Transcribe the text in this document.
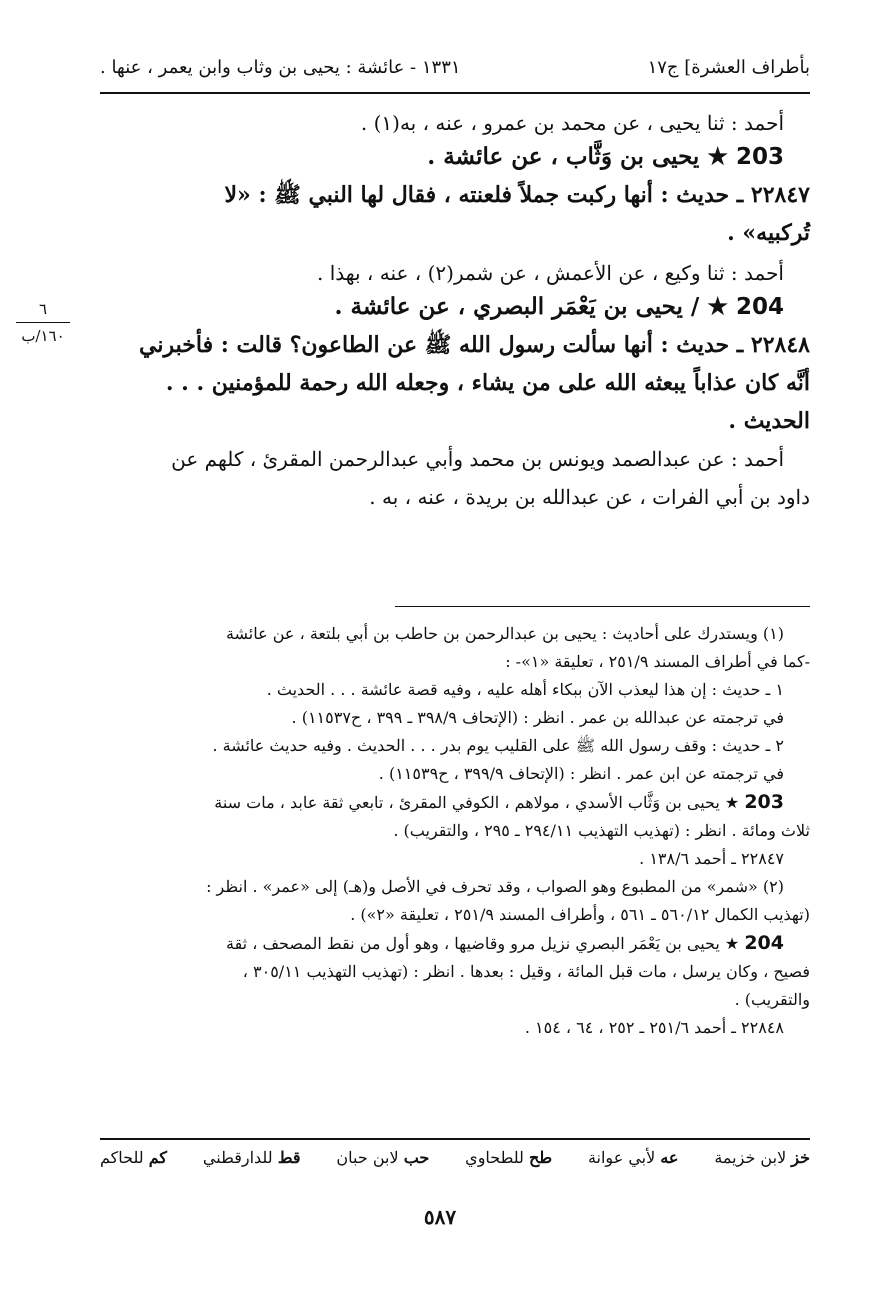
١٣٣١ - عائشة : يحيى بن وثاب وابن يعمر ، عنها .	بأطراف العشرة] ج١٧
٦
١٦٠/ب
أحمد : ثنا يحيى ، عن محمد بن عمرو ، عنه ، به(١) .
203 ★ يحيى بن وَثَّاب ، عن عائشة .
٢٢٨٤٧ ـ حديث : أنها ركبت جملاً فلعنته ، فقال لها النبي ﷺ : «لا
تُركبيه» .
أحمد : ثنا وكيع ، عن الأعمش ، عن شمر(٢) ، عنه ، بهذا .
204 ★ / يحيى بن يَعْمَر البصري ، عن عائشة .
٢٢٨٤٨ ـ حديث : أنها سألت رسول الله ﷺ عن الطاعون؟ قالت : فأخبرني
أنَّه كان عذاباً يبعثه الله على من يشاء ، وجعله الله رحمة للمؤمنين . . .
الحديث .
أحمد : عن عبدالصمد ويونس بن محمد وأبي عبدالرحمن المقرئ ، كلهم عن
داود بن أبي الفرات ، عن عبدالله بن بريدة ، عنه ، به .
(١) ويستدرك على أحاديث : يحيى بن عبدالرحمن بن حاطب بن أبي بلتعة ، عن عائشة
-كما في أطراف المسند ٢٥١/٩ ، تعليقة «١»- :
١ ـ حديث : إن هذا ليعذب الآن ببكاء أهله عليه ، وفيه قصة عائشة . . . الحديث .
في ترجمته عن عبدالله بن عمر . انظر : (الإتحاف ٣٩٨/٩ ـ ٣٩٩ ، ح١١٥٣٧) .
٢ ـ حديث : وقف رسول الله ﷺ على القليب يوم بدر . . . الحديث . وفيه حديث عائشة .
في ترجمته عن ابن عمر . انظر : (الإتحاف ٣٩٩/٩ ، ح١١٥٣٩) .
203 ★ يحيى بن وَثَّاب الأسدي ، مولاهم ، الكوفي المقرئ ، تابعي ثقة عابد ، مات سنة
ثلاث ومائة . انظر : (تهذيب التهذيب ٢٩٤/١١ ـ ٢٩٥ ، والتقريب) .
٢٢٨٤٧ ـ أحمد ١٣٨/٦ .
(٢) «شمر» من المطبوع وهو الصواب ، وقد تحرف في الأصل و(هـ) إلى «عمر» . انظر :
(تهذيب الكمال ٥٦٠/١٢ ـ ٥٦١ ، وأطراف المسند ٢٥١/٩ ، تعليقة «٢») .
204 ★ يحيى بن يَعْمَر البصري نزيل مرو وقاضيها ، وهو أول من نقط المصحف ، ثقة
فصيح ، وكان يرسل ، مات قبل المائة ، وقيل : بعدها . انظر : (تهذيب التهذيب ٣٠٥/١١ ،
والتقريب) .
٢٢٨٤٨ ـ أحمد ٢٥١/٦ ـ ٢٥٢ ، ٦٤ ، ١٥٤ .
خز لابن خزيمة
عه لأبي عوانة
طح للطحاوي
حب لابن حبان
قط للدارقطني
كم للحاكم
٥٨٧
